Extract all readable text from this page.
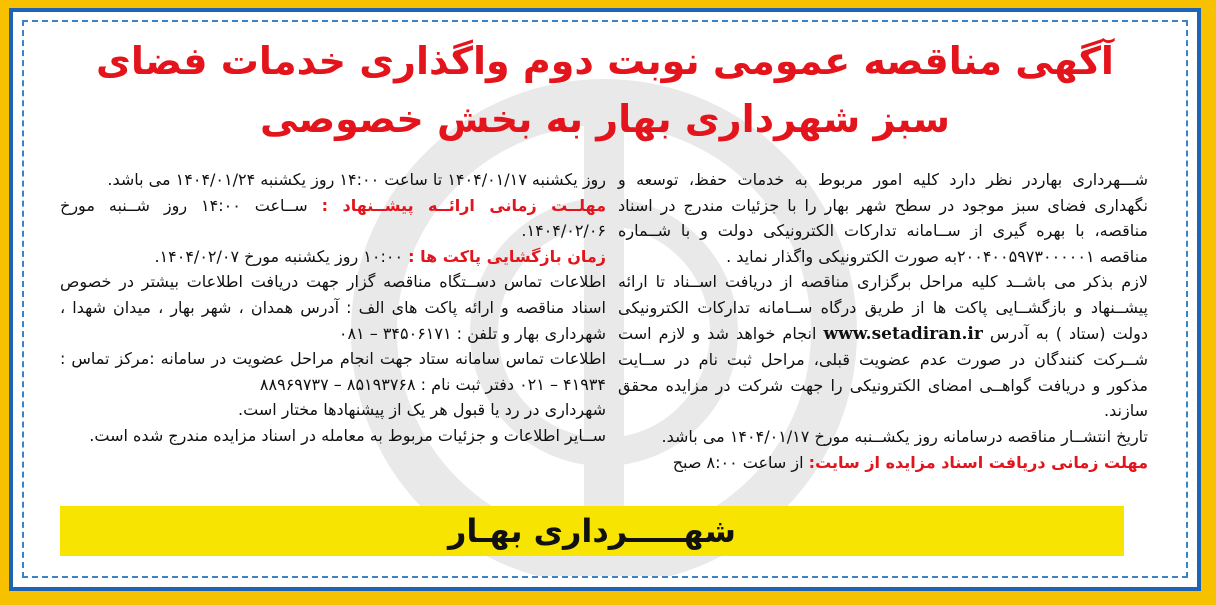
آگهی مناقصه عمومی نوبت دوم واگذاری خدمات فضای سبز شهرداری بهار به بخش خصوصی

شـــهرداری بهاردر نظر دارد کلیه امور مربوط به خدمات حفظ، توسعه و نگهداری فضای سبز موجود در سطح شهر بهار را با جزئیات مندرج در اسناد مناقصه، با بهره گیری از ســامانه تدارکات الکترونیکی دولت و با شــماره مناقصه ۲۰۰۴۰۰۵۹۷۳۰۰۰۰۰۱به صورت الکترونیکی واگذار نماید .

لازم بذکر می باشــد کلیه مراحل برگزاری مناقصه از دریافت اســناد تا ارائه پیشــنهاد و بازگشــایی پاکت ها از طریق درگاه ســامانه تدارکات الکترونیکی دولت (ستاد ) به آدرس www.setadiran.ir انجام خواهد شد و لازم است شــرکت کنندگان در صورت عدم عضویت قبلی، مراحل ثبت نام در ســایت مذکور و دریافت گواهــی امضای الکترونیکی را جهت شرکت در مزایده محقق سازند.

تاریخ انتشــار مناقصه درسامانه روز یکشــنبه مورخ ۱۴۰۴/۰۱/۱۷ می باشد.

مهلت زمانی دریافت اسناد مزایده از سایت: از ساعت ۸:۰۰ صبح

روز یکشنبه ۱۴۰۴/۰۱/۱۷ تا ساعت ۱۴:۰۰ روز یکشنبه ۱۴۰۴/۰۱/۲۴ می باشد.

مهلــت زمانی ارائــه پیشــنهاد : ســاعت ۱۴:۰۰ روز شــنبه مورخ ۱۴۰۴/۰۲/۰۶.

زمان بازگشایی پاکت ها : ۱۰:۰۰ روز یکشنبه مورخ ۱۴۰۴/۰۲/۰۷.

اطلاعات تماس دســتگاه مناقصه گزار جهت دریافت اطلاعات بیشتر در خصوص اسناد مناقصه و ارائه پاکت های الف : آدرس همدان ، شهر بهار ، میدان شهدا ، شهرداری بهار و تلفن : ۳۴۵۰۶۱۷۱ – ۰۸۱

اطلاعات تماس سامانه ستاد جهت انجام مراحل عضویت در سامانه :مرکز تماس : ۴۱۹۳۴ – ۰۲۱ دفتر ثبت نام : ۸۵۱۹۳۷۶۸ – ۸۸۹۶۹۷۳۷

شهرداری در رد یا قبول هر یک از پیشنهادها مختار است.

ســایر اطلاعات و جزئیات مربوط به معامله در اسناد مزایده مندرج شده است.

شهـــــرداری بهـار
